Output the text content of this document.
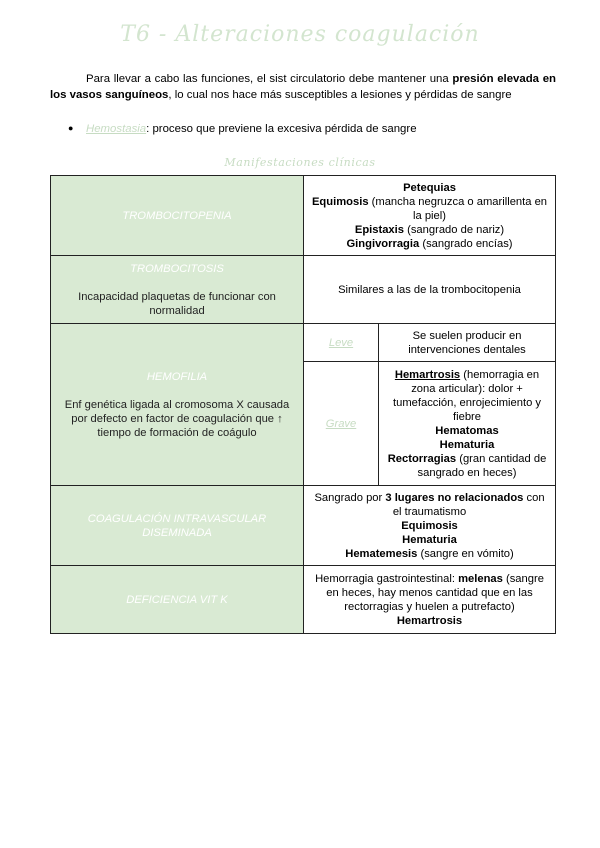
T6 - Alteraciones coagulación
Para llevar a cabo las funciones, el sist circulatorio debe mantener una presión elevada en los vasos sanguíneos, lo cual nos hace más susceptibles a lesiones y pérdidas de sangre
● Hemostasia: proceso que previene la excesiva pérdida de sangre
Manifestaciones clínicas
TROMBOCITOPENIA	Petequias
Equimosis (mancha negruzca o amarillenta en la piel)
Epistaxis (sangrado de nariz)
Gingivorragia (sangrado encías)	

TROMBOCITOSIS
Incapacidad plaquetas de funcionar con normalidad	Similares a las de la trombocitopenia	

HEMOFILIA
Enf genética ligada al cromosoma X causada por defecto en factor de coagulación que ↑ tiempo de formación de coágulo	Leve	Se suelen producir en intervenciones dentales
	Grave	Hemartrosis (hemorragia en zona articular): dolor + tumefacción, enrojecimiento y fiebre
Hematomas
Hematuria
Rectorragias (gran cantidad de sangrado en heces)

COAGULACIÓN INTRAVASCULAR DISEMINADA	Sangrado por 3 lugares no relacionados con el traumatismo
Equimosis
Hematuria
Hematemesis (sangre en vómito)	

DEFICIENCIA VIT K	Hemorragia gastrointestinal: melenas (sangre en heces, hay menos cantidad que en las rectorragias y huelen a putrefacto)
Hemartrosis	
